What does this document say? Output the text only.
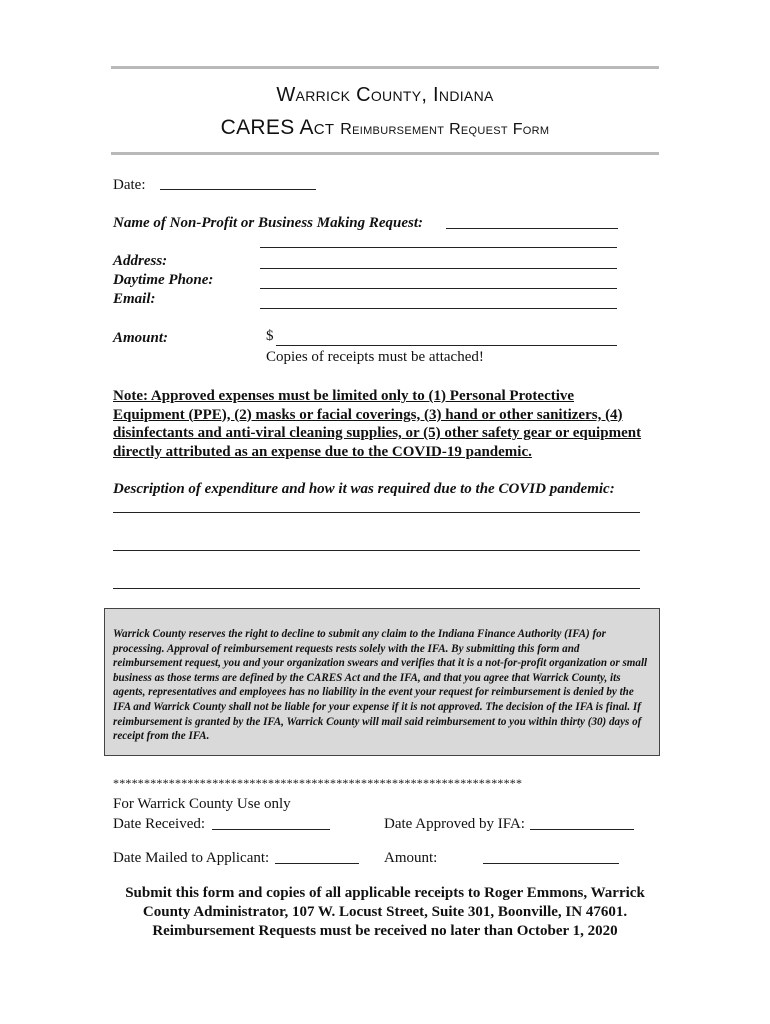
Warrick County, Indiana
CARES Act Reimbursement Request Form
Date:
Name of Non-Profit or Business Making Request:
Address:
Daytime Phone:
Email:
Amount:	$
Copies of receipts must be attached!
Note: Approved expenses must be limited only to (1) Personal Protective Equipment (PPE), (2) masks or facial coverings, (3) hand or other sanitizers, (4) disinfectants and anti-viral cleaning supplies, or (5) other safety gear or equipment directly attributed as an expense due to the COVID-19 pandemic.
Description of expenditure and how it was required due to the COVID pandemic:
Warrick County reserves the right to decline to submit any claim to the Indiana Finance Authority (IFA) for processing. Approval of reimbursement requests rests solely with the IFA. By submitting this form and reimbursement request, you and your organization swears and verifies that it is a not-for-profit organization or small business as those terms are defined by the CARES Act and the IFA, and that you agree that Warrick County, its agents, representatives and employees has no liability in the event your request for reimbursement is denied by the IFA and Warrick County shall not be liable for your expense if it is not approved. The decision of the IFA is final. If reimbursement is granted by the IFA, Warrick County will mail said reimbursement to you within thirty (30) days of receipt from the IFA.
******************************************************************
For Warrick County Use only
Date Received:	Date Approved by IFA:
Date Mailed to Applicant:	Amount:
Submit this form and copies of all applicable receipts to Roger Emmons, Warrick County Administrator, 107 W. Locust Street, Suite 301, Boonville, IN 47601. Reimbursement Requests must be received no later than October 1, 2020
